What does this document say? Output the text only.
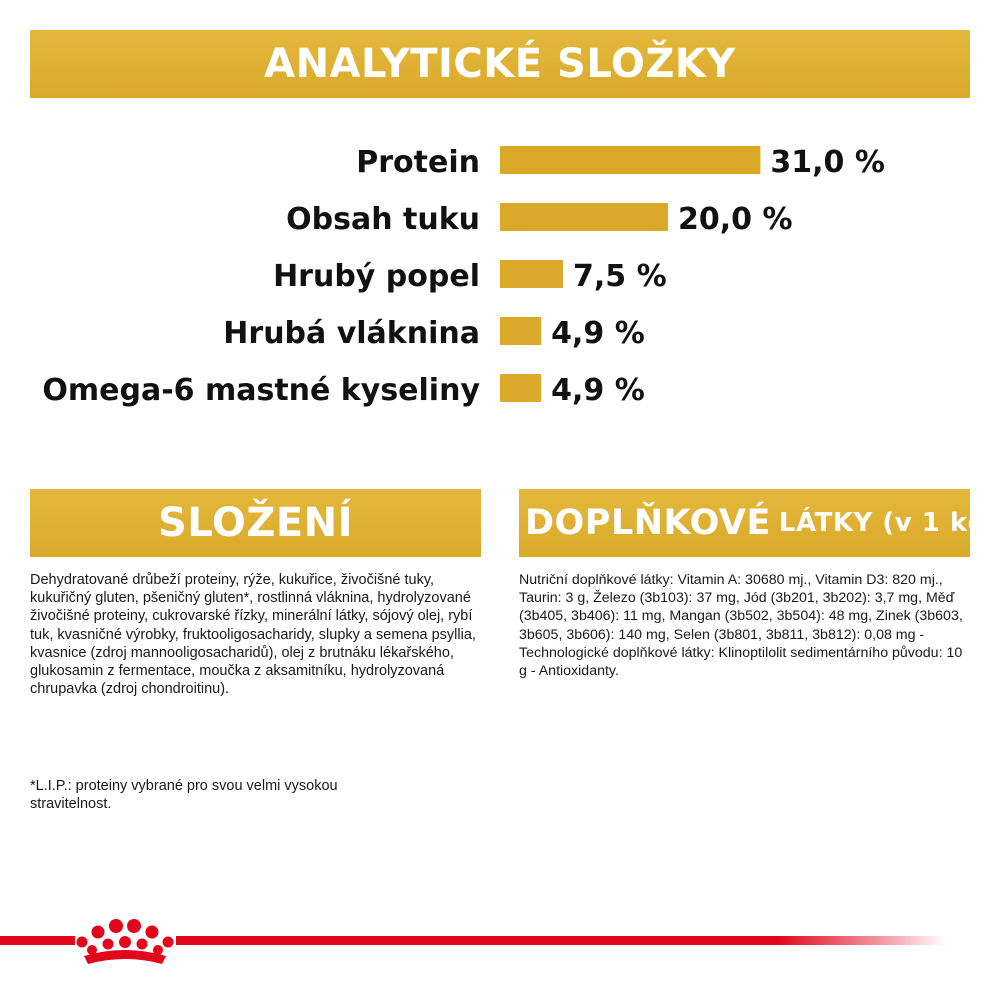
ANALYTICKÉ SLOŽKY
Protein	31,0 %
Obsah tuku	20,0 %
Hrubý popel	7,5 %
Hrubá vláknina 4,9 %
Omega-6 mastné kyseliny 4,9 %
SLOŽENÍ	DOPLŇKOVÉ LÁTKY (v 1 kg)
Dehydratované drůbeží proteiny, rýže, kukuřice, živočišné tuky, kukuřičný gluten, pšeničný gluten*, rostlinná vláknina, hydrolyzované živočišné proteiny, cukrovarské řízky, minerální látky, sójový olej, rybí tuk, kvasničné výrobky, fruktooligosacharidy, slupky a semena psyllia, kvasnice (zdroj mannooligosacharidů), olej z brutnáku lékařského, glukosamin z fermentace, moučka z aksamitníku, hydrolyzovaná chrupavka (zdroj chondroitinu).
*L.I.P.: proteiny vybrané pro svou velmi vysokou stravitelnost.
Nutriční doplňkové látky: Vitamin A: 30680 mj., Vitamin D3: 820 mj., Taurin: 3 g, Železo (3b103): 37 mg, Jód (3b201, 3b202): 3,7 mg, Měď (3b405, 3b406): 11 mg, Mangan (3b502, 3b504): 48 mg, Zinek (3b603, 3b605, 3b606): 140 mg, Selen (3b801, 3b811, 3b812): 0,08 mg - Technologické doplňkové látky: Klinoptilolit sedimentárního původu: 10 g - Antioxidanty.
